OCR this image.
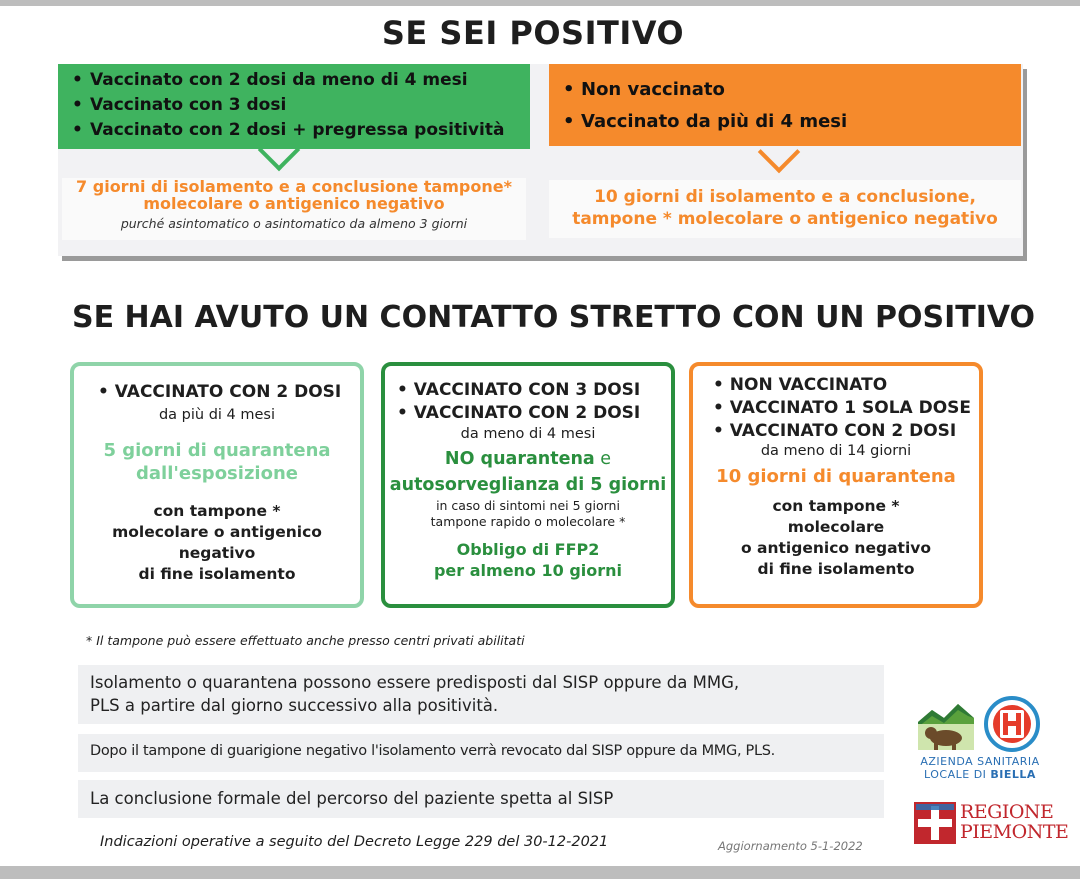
SE SEI POSITIVO
• Vaccinato con 2 dosi da meno di 4 mesi
• Vaccinato con 3 dosi
• Vaccinato con 2 dosi + pregressa positività
• Non vaccinato
• Vaccinato da più di 4 mesi
7 giorni di isolamento e a conclusione tampone*
molecolare o antigenico negativo
purché asintomatico o asintomatico da almeno 3 giorni
10 giorni di isolamento e a conclusione,
tampone * molecolare o antigenico negativo
SE HAI AVUTO UN CONTATTO STRETTO CON UN POSITIVO
• VACCINATO CON 2 DOSI
da più di 4 mesi
5 giorni di quarantena
dall'esposizione
con tampone *
molecolare o antigenico
negativo
di fine isolamento
• VACCINATO CON 3 DOSI
• VACCINATO CON 2 DOSI
da meno di 4 mesi
NO quarantena e
autosorveglianza di 5 giorni
in caso di sintomi nei 5 giorni
tampone rapido o molecolare *
Obbligo di FFP2
per almeno 10 giorni
• NON VACCINATO
• VACCINATO 1 SOLA DOSE
• VACCINATO CON 2 DOSI
da meno di 14 giorni
10 giorni di quarantena
con tampone *
molecolare
o antigenico negativo
di fine isolamento
* Il tampone può essere effettuato anche presso centri privati abilitati
Isolamento o quarantena possono essere predisposti dal SISP oppure da MMG,
PLS a partire dal giorno successivo alla positività.
Dopo il tampone di guarigione negativo l'isolamento verrà revocato dal SISP oppure da MMG, PLS.
La conclusione formale del percorso del paziente spetta al SISP
Indicazioni operative a seguito del Decreto Legge 229 del 30-12-2021	Aggiornamento 5-1-2022
AZIENDA SANITARIA
LOCALE DI BIELLA
REGIONE
PIEMONTE
